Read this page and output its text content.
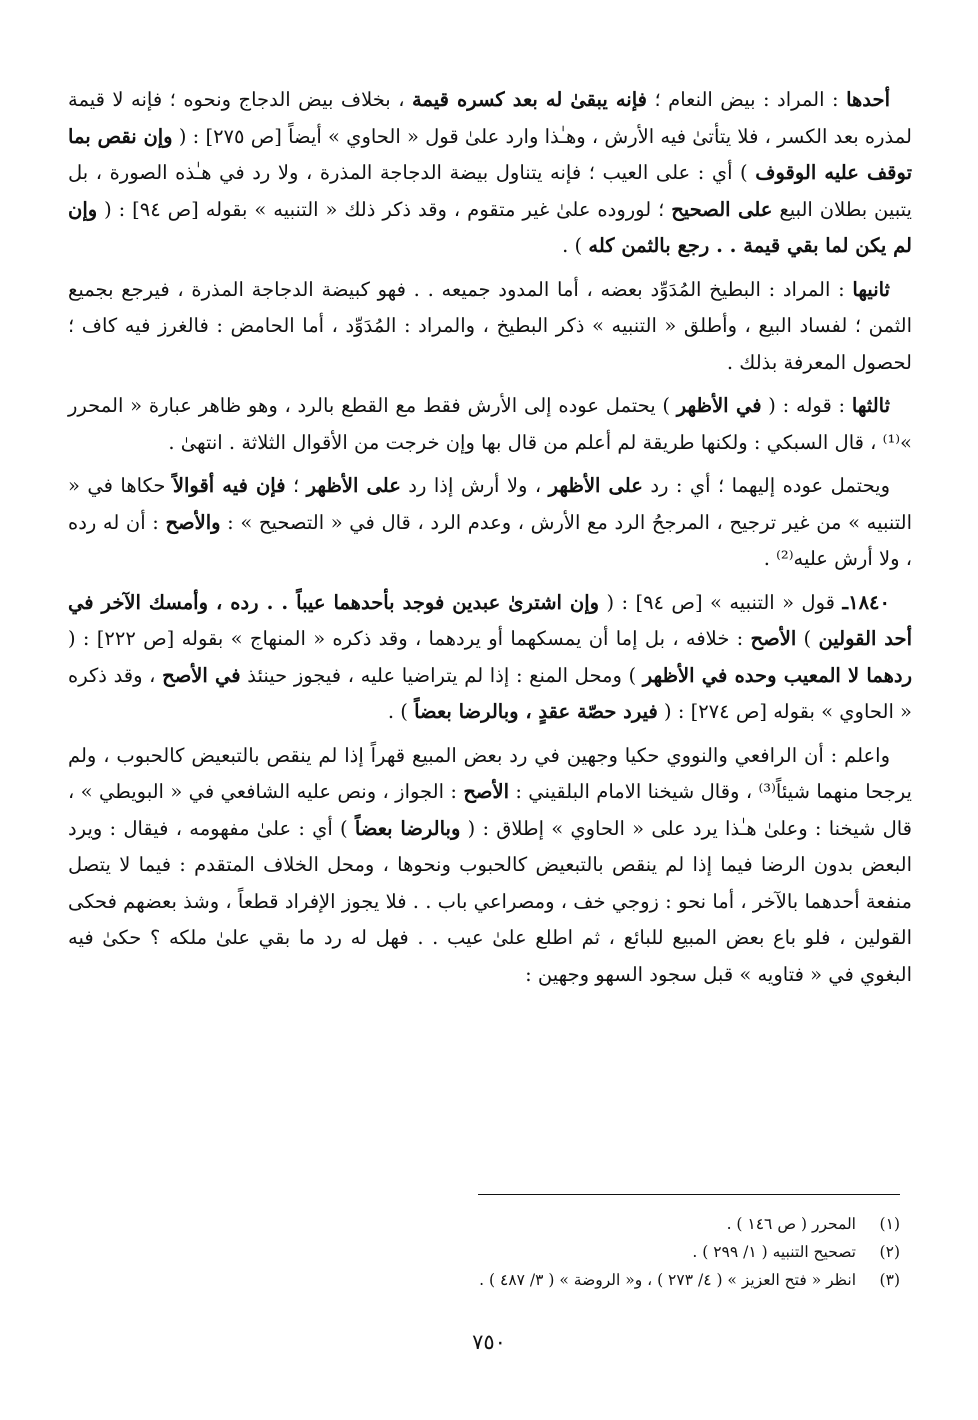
أحدها : المراد : بيض النعام ؛ فإنه يبقىٰ له بعد كسره قيمة ، بخلاف بيض الدجاج ونحوه ؛ فإنه لا قيمة لمذره بعد الكسر ، فلا يتأتىٰ فيه الأرش ، وهـٰذا وارد علىٰ قول « الحاوي » أيضاً [ص ٢٧٥] : ( وإن نقص بما توقف عليه الوقوف ) أي : على العيب ؛ فإنه يتناول بيضة الدجاجة المذرة ، ولا رد في هـٰذه الصورة ، بل يتبين بطلان البيع على الصحيح ؛ لوروده علىٰ غير متقوم ، وقد ذكر ذلك « التنبيه » بقوله [ص ٩٤] : ( وإن لم يكن لما بقي قيمة . . رجع بالثمن كله ) .

ثانيها : المراد : البطيخ المُدَوِّد بعضه ، أما المدود جميعه . . فهو كبيضة الدجاجة المذرة ، فيرجع بجميع الثمن ؛ لفساد البيع ، وأطلق « التنبيه » ذكر البطيخ ، والمراد : المُدَوِّد ، أما الحامض : فالغرز فيه كاف ؛ لحصول المعرفة بذلك .

ثالثها : قوله : ( في الأظهر ) يحتمل عوده إلى الأرش فقط مع القطع بالرد ، وهو ظاهر عبارة « المحرر »⁽¹⁾ ، قال السبكي : ولكنها طريقة لم أعلم من قال بها وإن خرجت من الأقوال الثلاثة . انتهىٰ .

ويحتمل عوده إليهما ؛ أي : رد على الأظهر ، ولا أرش إذا رد على الأظهر ؛ فإن فيه أقوالاً حكاها في « التنبيه » من غير ترجيح ، المرجحُ الرد مع الأرش ، وعدم الرد ، قال في « التصحيح » : والأصح : أن له رده ، ولا أرش عليه⁽²⁾ .

١٨٤٠ـ قول « التنبيه » [ص ٩٤] : ( وإن اشترىٰ عبدين فوجد بأحدهما عيباً . . رده ، وأمسك الآخر في أحد القولين ) الأصح : خلافه ، بل إما أن يمسكهما أو يردهما ، وقد ذكره « المنهاج » بقوله [ص ٢٢٢] : ( ردهما لا المعيب وحده في الأظهر ) ومحل المنع : إذا لم يتراضيا عليه ، فيجوز حينئذ في الأصح ، وقد ذكره « الحاوي » بقوله [ص ٢٧٤] : ( فيرد حصّة عقدٍ ، وبالرضا بعضاً ) .

واعلم : أن الرافعي والنووي حكيا وجهين في رد بعض المبيع قهراً إذا لم ينقص بالتبعيض كالحبوب ، ولم يرجحا منهما شيئاً⁽³⁾ ، وقال شيخنا الامام البلقيني : الأصح : الجواز ، ونص عليه الشافعي في « البويطي » ، قال شيخنا : وعلىٰ هـٰذا يرد على « الحاوي » إطلاق : ( وبالرضا بعضاً ) أي : علىٰ مفهومه ، فيقال : ويرد البعض بدون الرضا فيما إذا لم ينقص بالتبعيض كالحبوب ونحوها ، ومحل الخلاف المتقدم : فيما لا يتصل منفعة أحدهما بالآخر ، أما نحو : زوجي خف ، ومصراعي باب . . فلا يجوز الإفراد قطعاً ، وشذ بعضهم فحكى القولين ، فلو باع بعض المبيع للبائع ، ثم اطلع علىٰ عيب . . فهل له رد ما بقي علىٰ ملكه ؟ حكىٰ فيه البغوي في « فتاويه » قبل سجود السهو وجهين :

(١)
المحرر ( ص ١٤٦ ) .
(٢)
تصحيح التنبيه ( ١/ ٢٩٩ ) .
(٣)
انظر « فتح العزيز » ( ٤/ ٢٧٣ ) ، و« الروضة » ( ٣/ ٤٨٧ ) .
٧٥٠
